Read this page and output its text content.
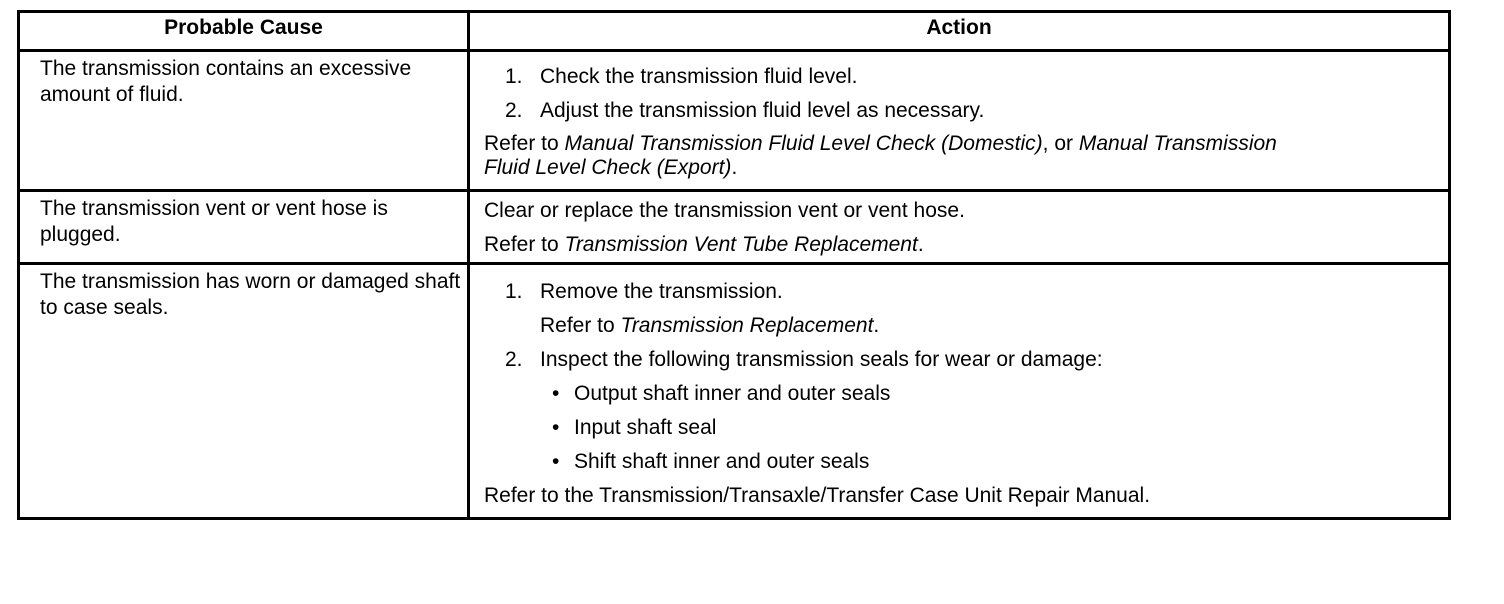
Probable Cause	Action
The transmission contains an excessive amount of fluid.
1. Check the transmission fluid level.
2. Adjust the transmission fluid level as necessary.
Refer to Manual Transmission Fluid Level Check (Domestic), or Manual Transmission Fluid Level Check (Export).
The transmission vent or vent hose is plugged.
Clear or replace the transmission vent or vent hose.
Refer to Transmission Vent Tube Replacement.
The transmission has worn or damaged shaft to case seals.
1. Remove the transmission.
Refer to Transmission Replacement.
2. Inspect the following transmission seals for wear or damage:
• Output shaft inner and outer seals
• Input shaft seal
• Shift shaft inner and outer seals
Refer to the Transmission/Transaxle/Transfer Case Unit Repair Manual.
